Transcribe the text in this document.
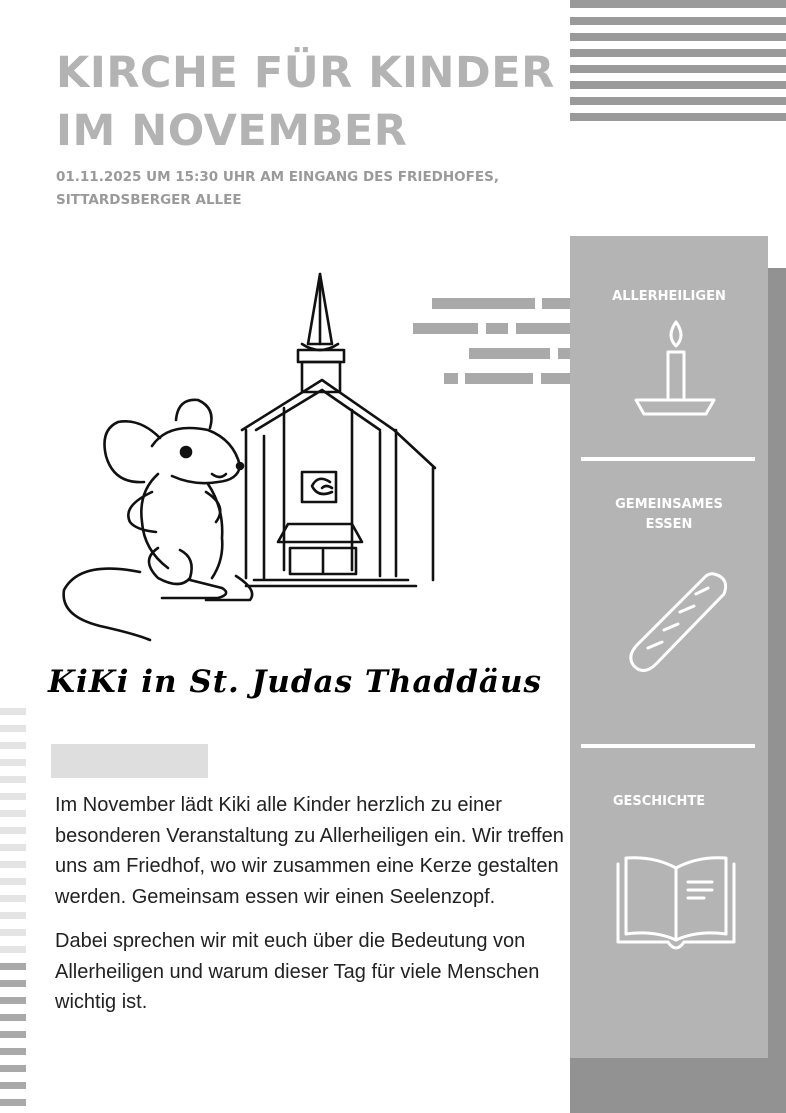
KIRCHE FÜR KINDER
IM NOVEMBER

01.11.2025 UM 15:30 UHR AM EINGANG DES FRIEDHOFES,
SITTARDSBERGER ALLEE

KiKi in St. Judas Thaddäus

Im November lädt Kiki alle Kinder herzlich zu einer besonderen Veranstaltung zu Allerheiligen ein. Wir treffen uns am Friedhof, wo wir zusammen eine Kerze gestalten werden. Gemeinsam essen wir einen Seelenzopf.

Dabei sprechen wir mit euch über die Bedeutung von Allerheiligen und warum dieser Tag für viele Menschen wichtig ist.

ALLERHEILIGEN

GEMEINSAMES
ESSEN

GESCHICHTE
